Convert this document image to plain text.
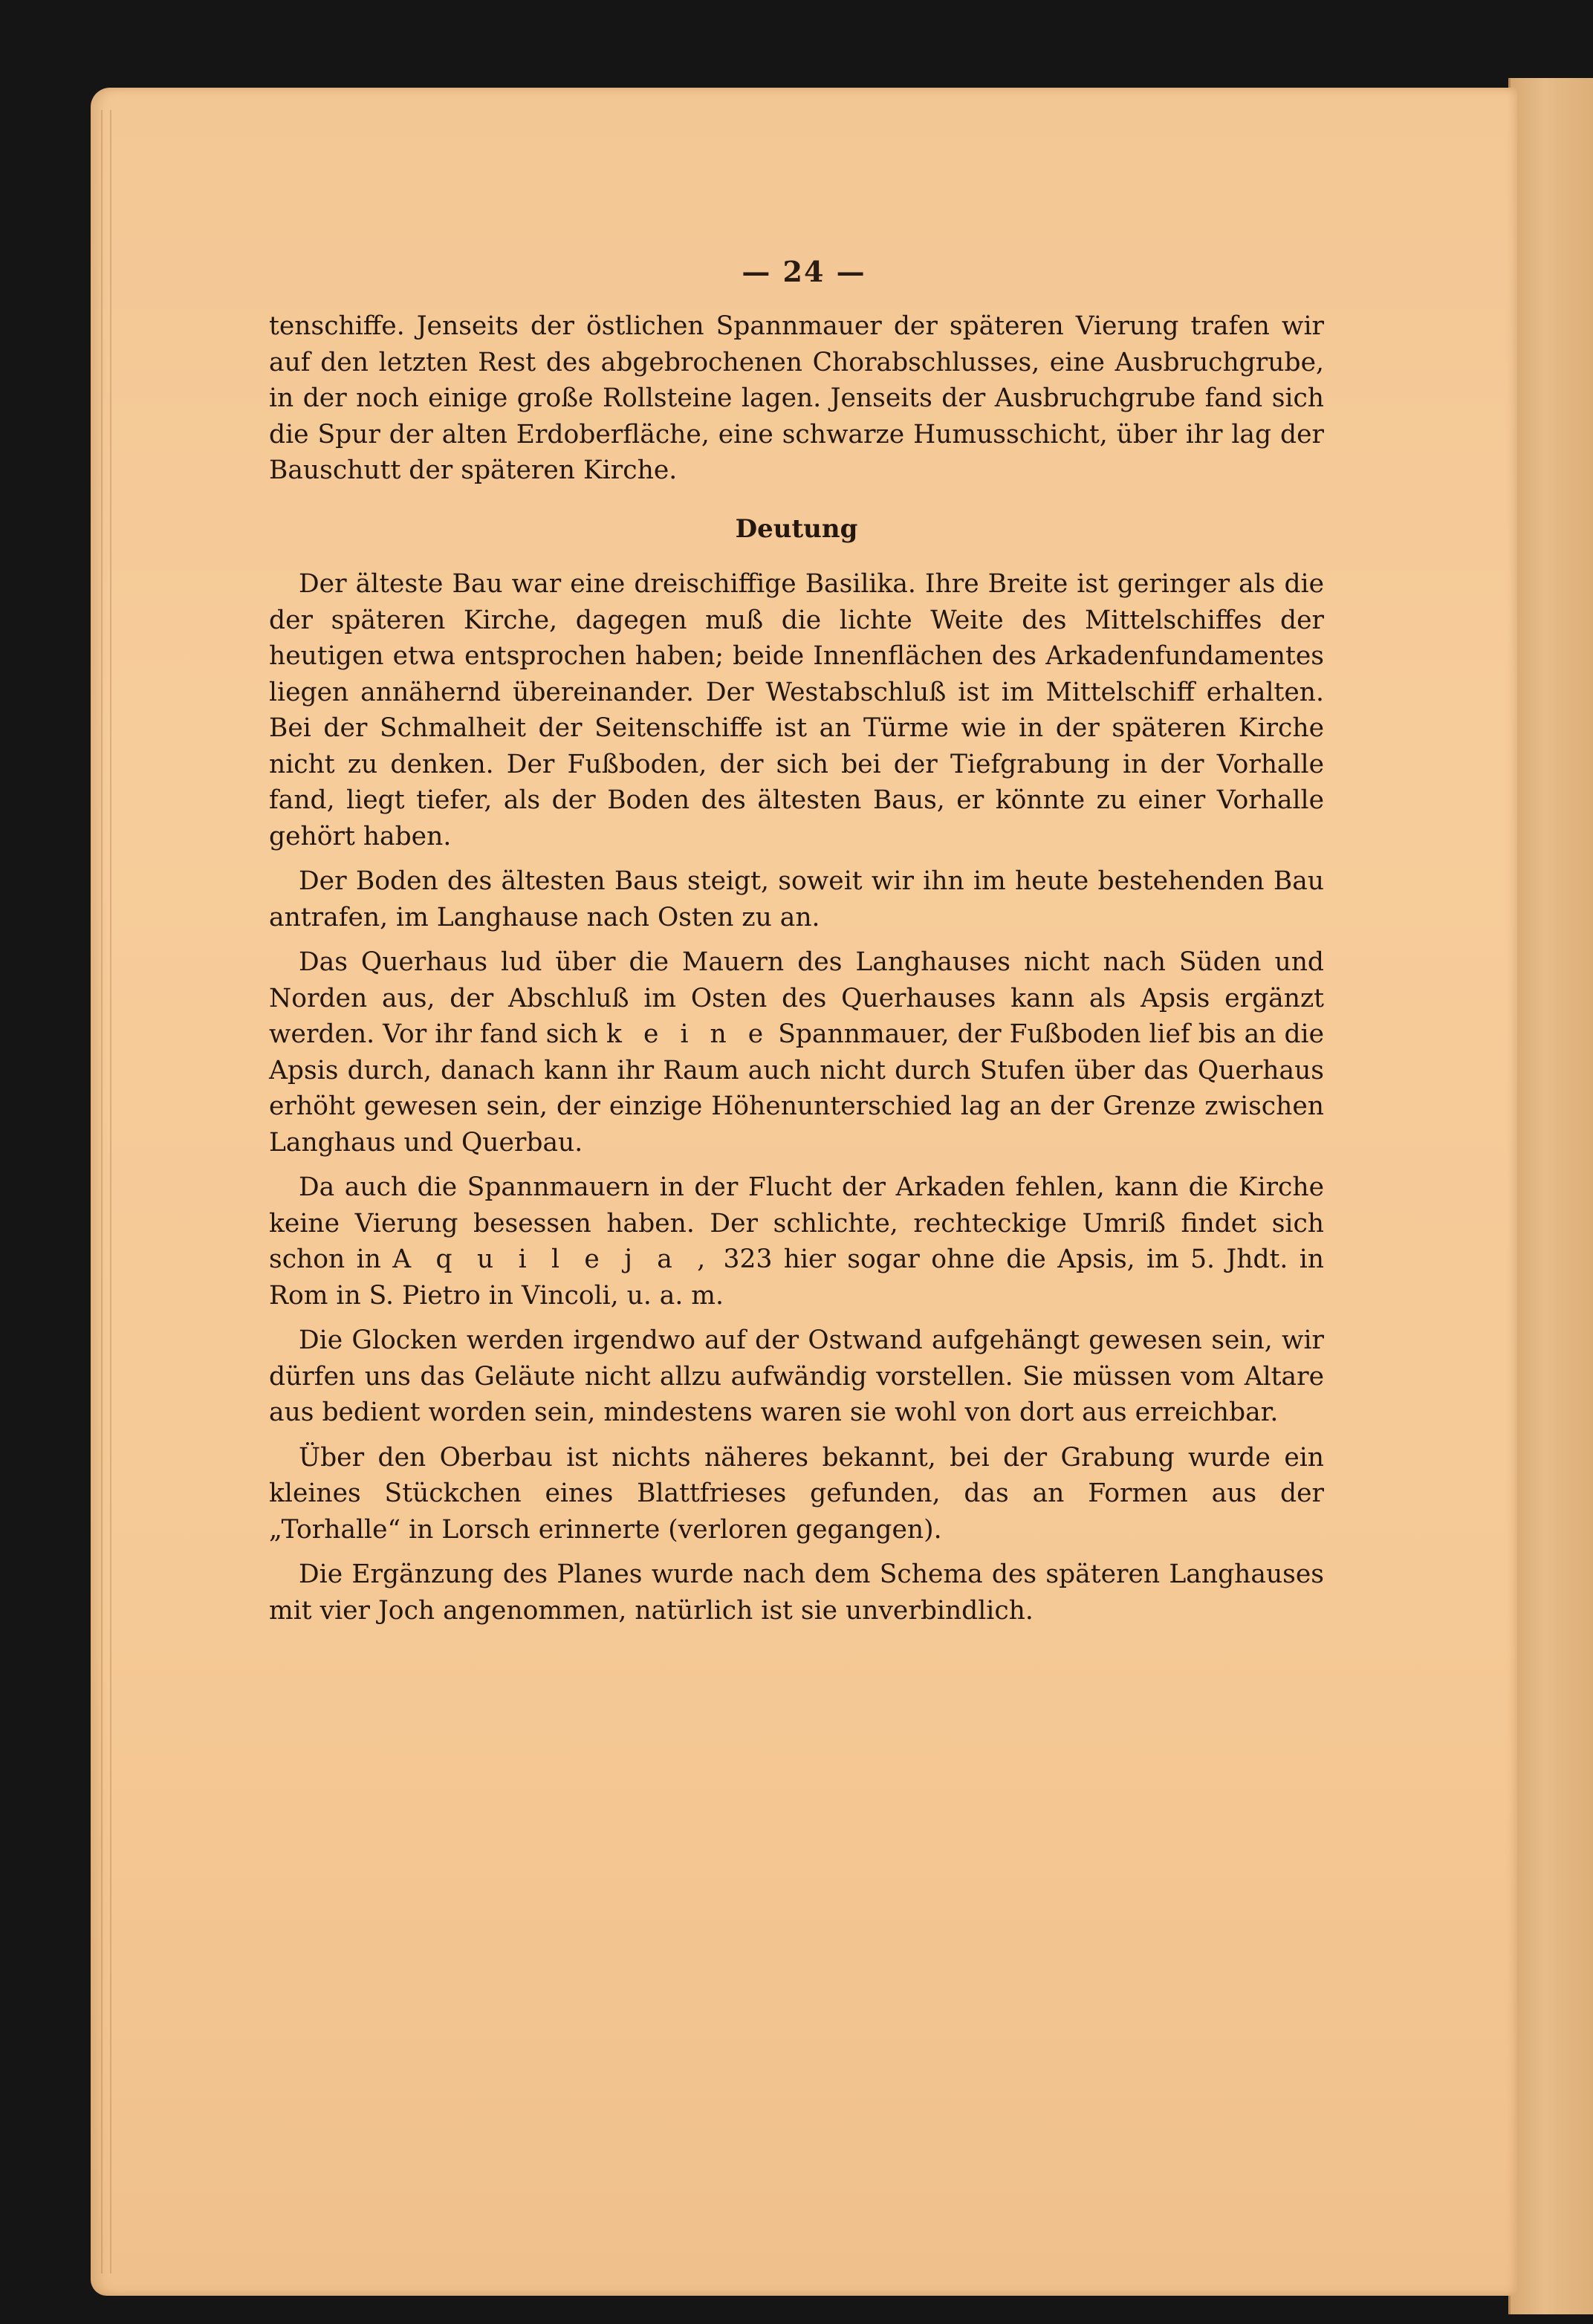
— 24 —

tenschiffe. Jenseits der östlichen Spannmauer der späteren Vierung trafen wir auf den letzten Rest des abgebrochenen Chorabschlusses, eine Ausbruchgrube, in der noch einige große Rollsteine lagen. Jenseits der Ausbruchgrube fand sich die Spur der alten Erdoberfläche, eine schwarze Humusschicht, über ihr lag der Bauschutt der späteren Kirche.

Deutung

Der älteste Bau war eine dreischiffige Basilika. Ihre Breite ist geringer als die der späteren Kirche, dagegen muß die lichte Weite des Mittelschiffes der heutigen etwa entsprochen haben; beide Innenflächen des Arkadenfundamentes liegen annähernd übereinander. Der Westabschluß ist im Mittelschiff erhalten. Bei der Schmalheit der Seitenschiffe ist an Türme wie in der späteren Kirche nicht zu denken. Der Fußboden, der sich bei der Tiefgrabung in der Vorhalle fand, liegt tiefer, als der Boden des ältesten Baus, er könnte zu einer Vorhalle gehört haben.

Der Boden des ältesten Baus steigt, soweit wir ihn im heute bestehenden Bau antrafen, im Langhause nach Osten zu an.

Das Querhaus lud über die Mauern des Langhauses nicht nach Süden und Norden aus, der Abschluß im Osten des Querhauses kann als Apsis ergänzt werden. Vor ihr fand sich k e i n e Spannmauer, der Fußboden lief bis an die Apsis durch, danach kann ihr Raum auch nicht durch Stufen über das Querhaus erhöht gewesen sein, der einzige Höhenunterschied lag an der Grenze zwischen Langhaus und Querbau.

Da auch die Spannmauern in der Flucht der Arkaden fehlen, kann die Kirche keine Vierung besessen haben. Der schlichte, rechteckige Umriß findet sich schon in A q u i l e j a , 323 hier sogar ohne die Apsis, im 5. Jhdt. in Rom in S. Pietro in Vincoli, u. a. m.

Die Glocken werden irgendwo auf der Ostwand aufgehängt gewesen sein, wir dürfen uns das Geläute nicht allzu aufwändig vorstellen. Sie müssen vom Altare aus bedient worden sein, mindestens waren sie wohl von dort aus erreichbar.

Über den Oberbau ist nichts näheres bekannt, bei der Grabung wurde ein kleines Stückchen eines Blattfrieses gefunden, das an Formen aus der „Torhalle“ in Lorsch erinnerte (verloren gegangen).

Die Ergänzung des Planes wurde nach dem Schema des späteren Langhauses mit vier Joch angenommen, natürlich ist sie unverbindlich.
